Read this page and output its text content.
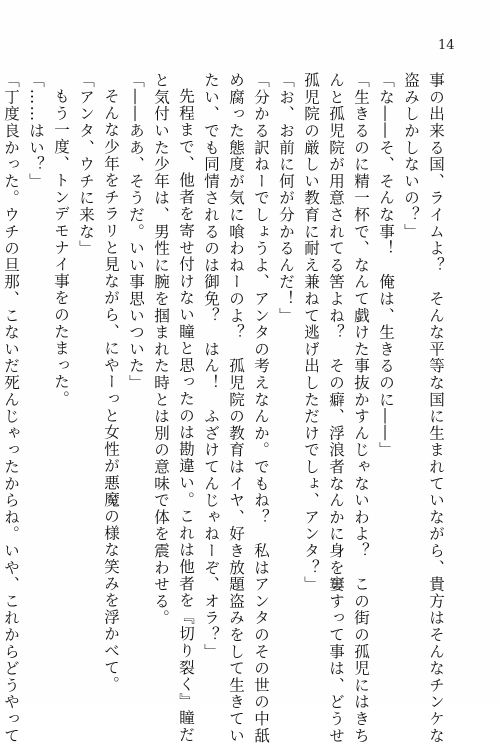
14

事の出来る国、ライムよ？　そんな平等な国に生まれていながら、貴方はそんなチンケな

盗みしかしないの？」

「な――そ、そんな事！　俺は、生きるのに――」

「生きるのに精一杯で、なんて戯けた事抜かすんじゃないわよ？　この街の孤児にはきち

んと孤児院が用意されてる筈よね？　その癖、浮浪者なんかに身を窶すって事は、どうせ

孤児院の厳しい教育に耐え兼ねて逃げ出しただけでしょ、アンタ？」

「お、お前に何が分かるんだ！」

「分かる訳ねーでしょうよ、アンタの考えなんか。でもね？　私はアンタのその世の中舐

め腐った態度が気に喰わねーのよ？　孤児院の教育はイヤ、好き放題盗みをして生きてい

たい、でも同情されるのは御免？　はん！　ふざけてんじゃねーぞ、オラ？」

先程まで、他者を寄せ付けない瞳と思ったのは勘違い。これは他者を『切り裂く』瞳だ

と気付いた少年は、男性に腕を掴まれた時とは別の意味で体を震わせる。

「――ああ、そうだ。いい事思いついた」

そんな少年をチラリと見ながら、にやーっと女性が悪魔の様な笑みを浮かべて。

「アンタ、ウチに来な」

もう一度、トンデモナイ事をのたまった。

「……はい？」

「丁度良かった。ウチの旦那、こないだ死んじゃったからね。いや、これからどうやって
